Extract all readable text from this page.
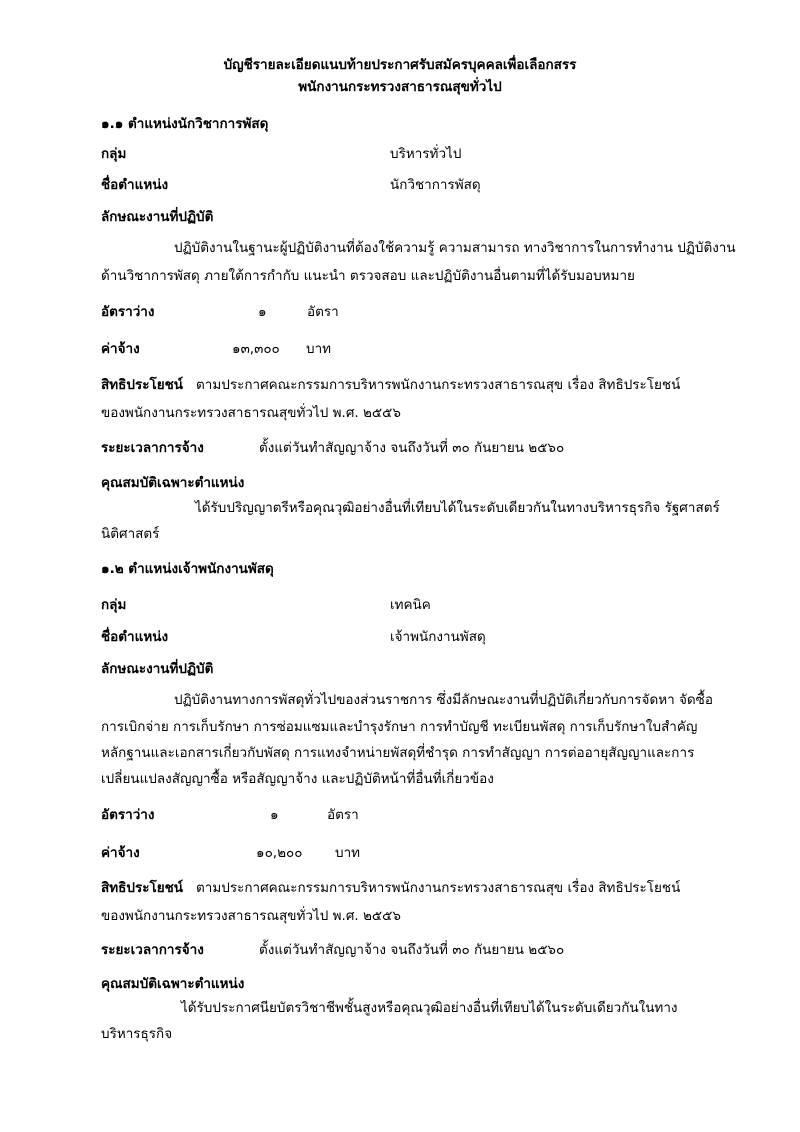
บัญชีรายละเอียดแนบท้ายประกาศรับสมัครบุคคลเพื่อเลือกสรร
พนักงานกระทรวงสาธารณสุขทั่วไป
๑.๑ ตำแหน่งนักวิชาการพัสดุ
กลุ่ม	บริหารทั่วไป
ชื่อตำแหน่ง	นักวิชาการพัสดุ
ลักษณะงานที่ปฏิบัติ
ปฏิบัติงานในฐานะผู้ปฏิบัติงานที่ต้องใช้ความรู้ ความสามารถ ทางวิชาการในการทำงาน ปฏิบัติงาน
ด้านวิชาการพัสดุ ภายใต้การกำกับ แนะนำ ตรวจสอบ และปฏิบัติงานอื่นตามที่ได้รับมอบหมาย
อัตราว่าง	๑	อัตรา
ค่าจ้าง	๑๓,๓๐๐ บาท
สิทธิประโยชน์ ตามประกาศคณะกรรมการบริหารพนักงานกระทรวงสาธารณสุข เรื่อง สิทธิประโยชน์
ของพนักงานกระทรวงสาธารณสุขทั่วไป พ.ศ. ๒๕๕๖
ระยะเวลาการจ้าง	ตั้งแต่วันทำสัญญาจ้าง จนถึงวันที่ ๓๐ กันยายน ๒๕๖๐
คุณสมบัติเฉพาะตำแหน่ง
ได้รับปริญญาตรีหรือคุณวุฒิอย่างอื่นที่เทียบได้ในระดับเดียวกันในทางบริหารธุรกิจ รัฐศาสตร์
นิติศาสตร์
๑.๒ ตำแหน่งเจ้าพนักงานพัสดุ
กลุ่ม	เทคนิค
ชื่อตำแหน่ง	เจ้าพนักงานพัสดุ
ลักษณะงานที่ปฏิบัติ
ปฏิบัติงานทางการพัสดุทั่วไปของส่วนราชการ ซึ่งมีลักษณะงานที่ปฏิบัติเกี่ยวกับการจัดหา จัดซื้อ
การเบิกจ่าย การเก็บรักษา การซ่อมแซมและบำรุงรักษา การทำบัญชี ทะเบียนพัสดุ การเก็บรักษาใบสำคัญ
หลักฐานและเอกสารเกี่ยวกับพัสดุ การแทงจำหน่ายพัสดุที่ชำรุด การทำสัญญา การต่ออายุสัญญาและการ
เปลี่ยนแปลงสัญญาซื้อ หรือสัญญาจ้าง และปฏิบัติหน้าที่อื่นที่เกี่ยวข้อง
อัตราว่าง	๑	อัตรา
ค่าจ้าง	๑๐,๒๐๐ บาท
สิทธิประโยชน์ ตามประกาศคณะกรรมการบริหารพนักงานกระทรวงสาธารณสุข เรื่อง สิทธิประโยชน์
ของพนักงานกระทรวงสาธารณสุขทั่วไป พ.ศ. ๒๕๕๖
ระยะเวลาการจ้าง	ตั้งแต่วันทำสัญญาจ้าง จนถึงวันที่ ๓๐ กันยายน ๒๕๖๐
คุณสมบัติเฉพาะตำแหน่ง
ได้รับประกาศนียบัตรวิชาชีพชั้นสูงหรือคุณวุฒิอย่างอื่นที่เทียบได้ในระดับเดียวกันในทาง
บริหารธุรกิจ
